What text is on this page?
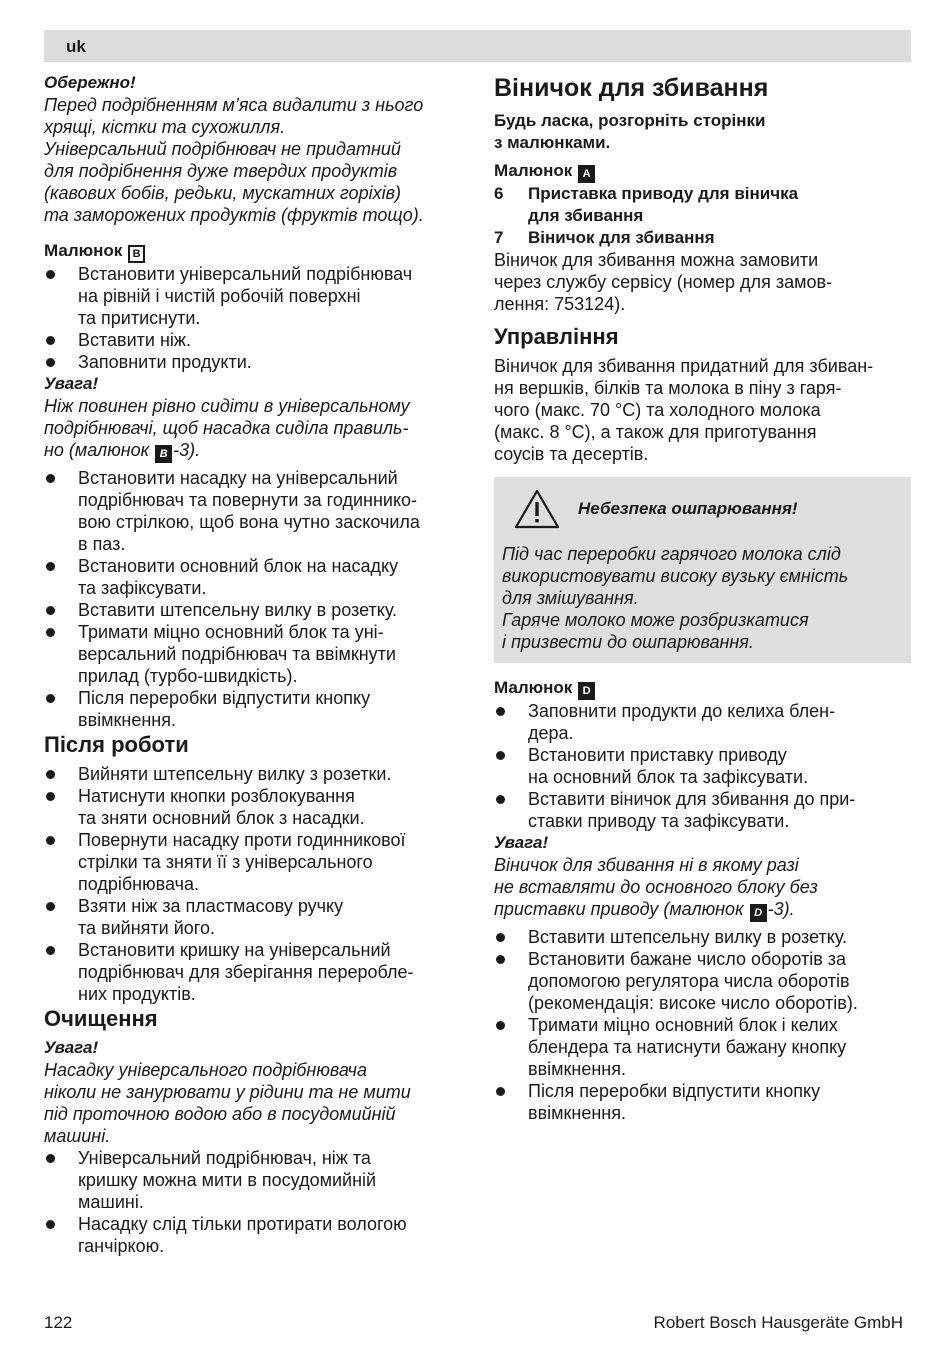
uk

Обережно!

Перед подрібненням м’яса видалити з нього

хрящі, кістки та сухожилля.

Універсальний подрібнювач не придатний

для подрібнення дуже твердих продуктів

(кавових бобів, редьки, мускатних горіхів)

та заморожених продуктів (фруктів тощо).

Малюнок B

Встановити універсальний подрібнювач
на рівній і чистій робочій поверхні
та притиснути.
Вставити ніж.
Заповнити продукти.

Увага!

Ніж повинен рівно сидіти в універсальному

подрібнювачі, щоб насадка сиділа правиль-

но (малюнок B -3).

Встановити насадку на універсальний
подрібнювач та повернути за годиннико-
вою стрілкою, щоб вона чутно заскочила
в паз.
Встановити основний блок на насадку
та зафіксувати.
Вставити штепсельну вилку в розетку.
Тримати міцно основний блок та уні-
версальний подрібнювач та ввімкнути
прилад (турбо-швидкість).
Після переробки відпустити кнопку
ввімкнення.

Після роботи

Вийняти штепсельну вилку з розетки.
Натиснути кнопки розблокування
та зняти основний блок з насадки.
Повернути насадку проти годинникової
стрілки та зняти її з універсального
подрібнювача.
Взяти ніж за пластмасову ручку
та вийняти його.
Встановити кришку на універсальний
подрібнювач для зберігання переробле-
них продуктів.

Очищення

Увага!

Насадку універсального подрібнювача

ніколи не занурювати у рідини та не мити

під проточною водою або в посудомийній

машині.

Універсальний подрібнювач, ніж та
кришку можна мити в посудомийній
машині.
Насадку слід тільки протирати вологою
ганчіркою.

Віничок для збивання

Будь ласка, розгорніть сторінки

з малюнками.

Малюнок A

6 Приставка приводу для віничка
для збивання
7 Віничок для збивання

Віничок для збивання можна замовити

через службу сервісу (номер для замов-

лення: 753124).

Управління

Віничок для збивання придатний для збиван-

ня вершків, білків та молока в піну з гаря-

чого (макс. 70 °C) та холодного молока

(макс. 8 °C), а також для приготування

соусів та десертів.

Небезпека ошпарювання!

Під час переробки гарячого молока слід

використовувати високу вузьку ємність

для змішування.

Гаряче молоко може розбризкатися

і призвести до ошпарювання.

Малюнок D

Заповнити продукти до келиха блен-
дера.
Встановити приставку приводу
на основний блок та зафіксувати.
Вставити віничок для збивання до при-
ставки приводу та зафіксувати.

Увага!

Віничок для збивання ні в якому разі

не вставляти до основного блоку без

приставки приводу (малюнок D -3).

Вставити штепсельну вилку в розетку.
Встановити бажане число оборотів за
допомогою регулятора числа оборотів
(рекомендація: високе число оборотів).
Тримати міцно основний блок і келих
блендера та натиснути бажану кнопку
ввімкнення.
Після переробки відпустити кнопку
ввімкнення.
122	Robert Bosch Hausgeräte GmbH
